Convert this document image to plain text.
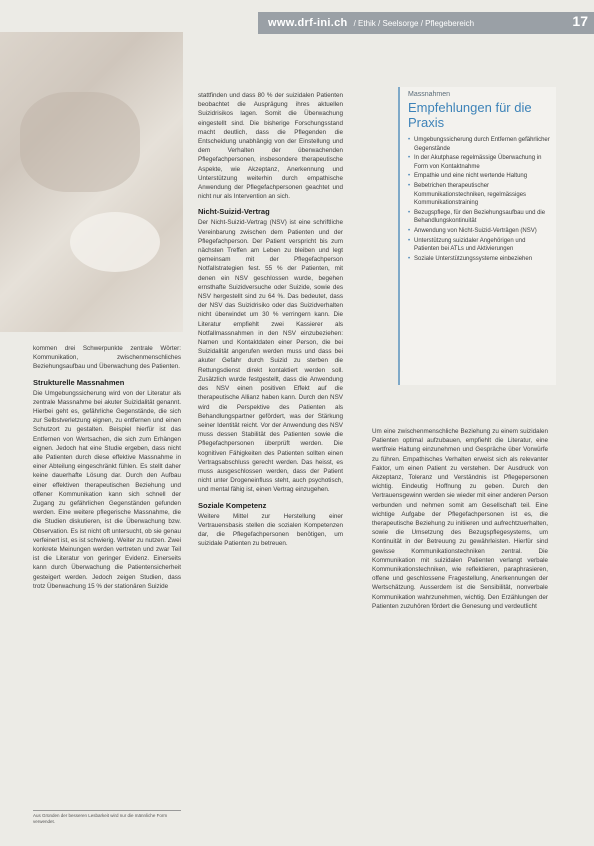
www.drf-ini.ch / Ethik / Seelsorge / Pflegebereich	17

kommen drei Schwerpunkte zentrale Wörter: Kommunikation, zwischenmenschliches Beziehungsaufbau und Überwachung des Patienten.

Strukturelle Massnahmen

Die Umgebungssicherung wird von der Literatur als zentrale Massnahme bei akuter Suizidalität genannt. Hierbei geht es, gefährliche Gegenstände, die sich zur Selbstverletzung eignen, zu entfernen und einen Schutzort zu gestalten. Beispiel hierfür ist das Entfernen von Wertsachen, die sich zum Erhängen eignen. Jedoch hat eine Studie ergeben, dass nicht alle Patienten durch diese effektive Massnahme in einer Abteilung eingeschränkt fühlen. Es stellt daher keine dauerhafte Lösung dar. Durch den Aufbau einer effektiven therapeutischen Beziehung und offener Kommunikation kann sich schnell der Zugang zu gefährlichen Gegenständen gefunden werden. Eine weitere pflegerische Massnahme, die die Studien diskutieren, ist die Überwachung bzw. Observation. Es ist nicht oft untersucht, ob sie genau verfeinert ist, es ist schwierig. Weiter zu nutzen. Zwei konkrete Meinungen werden vertreten und zwar Teil ist die Literatur von geringer Evidenz. Einerseits kann durch Überwachung die Patientensicherheit gesteigert werden. Jedoch zeigen Studien, dass trotz Überwachung 15 % der stationären Suizide

Aus Gründen der besseren Lesbarkeit wird nur die männliche Form verwendet.

stattfinden und dass 80 % der suizidalen Patienten beobachtet die Ausprägung ihres aktuellen Suizidrisikos lagen. Somit die Überwachung eingestellt sind. Die bisherige Forschungsstand macht deutlich, dass die Pflegenden die Entscheidung unabhängig von der Einstellung und dem Verhalten der überwachenden Pflegefachpersonen, insbesondere therapeutische Aspekte, wie Akzeptanz, Anerkennung und Unterstützung weiterhin durch empathische Anwendung der Pflegefachpersonen geachtet und nicht nur als Intervention an sich.

Nicht-Suizid-Vertrag

Der Nicht-Suizid-Vertrag (NSV) ist eine schriftliche Vereinbarung zwischen dem Patienten und der Pflegefachperson. Der Patient verspricht bis zum nächsten Treffen am Leben zu bleiben und legt gemeinsam mit der Pflegefachperson Notfallstrategien fest. 55 % der Patienten, mit denen ein NSV geschlossen wurde, begehen ernsthafte Suizidversuche oder Suizide, sowie des NSV hergestellt sind zu 64 %. Das bedeutet, dass der NSV das Suizidrisiko oder das Suizidverhalten nicht überwindet um 30 % verringern kann. Die Literatur empfiehlt zwei Kassierer als Notfallmassnahmen in den NSV einzubeziehen: Namen und Kontaktdaten einer Person, die bei Suizidalität angerufen werden muss und dass bei akuter Gefahr durch Suizid zu sterben die Rettungsdienst direkt kontaktiert werden soll. Zusätzlich wurde festgestellt, dass die Anwendung des NSV einen positiven Effekt auf die therapeutische Allianz haben kann. Durch den NSV wird die Perspektive des Patienten als Behandlungspartner gefördert, was der Stärkung seiner Identität reicht. Vor der Anwendung des NSV muss dessen Stabilität des Patienten sowie die Pflegefachpersonen überprüft werden. Die kognitiven Fähigkeiten des Patienten sollten einen Vertragsabschluss gerecht werden. Das heisst, es muss ausgeschlossen werden, dass der Patient nicht unter Drogeneinfluss steht, auch psychotisch, und mental fähig ist, einen Vertrag einzugehen.

Soziale Kompetenz

Weitere Mittel zur Herstellung einer Vertrauensbasis stellen die sozialen Kompetenzen dar, die Pflegefachpersonen benötigen, um suizidale Patienten zu betreuen.

Massnahmen
Empfehlungen für die Praxis
• Umgebungssicherung durch Entfernen gefährlicher Gegenstände
• In der Akutphase regelmässige Überwachung in Form von Kontaktnahme
• Empathie und eine nicht wertende Haltung
• Bebetrichen therapeutischer Kommunikationstechniken, regelmässiges Kommunikationstraining
• Bezugspflege, für den Beziehungsaufbau und die Behandlungskontinuität
• Anwendung von Nicht-Suizid-Verträgen (NSV)
• Unterstützung suizidaler Angehörigen und Patienten bei ATLs und Aktivierungen
• Soziale Unterstützungssysteme einbeziehen

Um eine zwischenmenschliche Beziehung zu einem suizidalen Patienten optimal aufzubauen, empfiehlt die Literatur, eine wertfreie Haltung einzunehmen und Gespräche über Vorwürfe zu führen. Empathisches Verhalten erweist sich als relevanter Faktor, um einen Patient zu verstehen. Der Ausdruck von Akzeptanz, Toleranz und Verständnis ist Pflegepersonen wichtig. Eindeutig Hoffnung zu geben. Durch den Vertrauensgewinn werden sie wieder mit einer anderen Person verbunden und nehmen somit am Gesellschaft teil. Eine wichtige Aufgabe der Pflegefachpersonen ist es, die therapeutische Beziehung zu initiieren und aufrechtzuerhalten, sowie die Umsetzung des Bezugspflegesystems, um Kontinuität in der Betreuung zu gewährleisten. Hierfür sind gewisse Kommunikationstechniken zentral. Die Kommunikation mit suizidalen Patienten verlangt verbale Kommunikationstechniken, wie reflektieren, paraphrasieren, offene und geschlossene Fragestellung, Anerkennungen der Wertschätzung. Ausserdem ist die Sensibilität, nonverbale Kommunikation wahrzunehmen, wichtig. Den Erzählungen der Patienten zuzuhören fördert die Genesung und verdeutlicht
